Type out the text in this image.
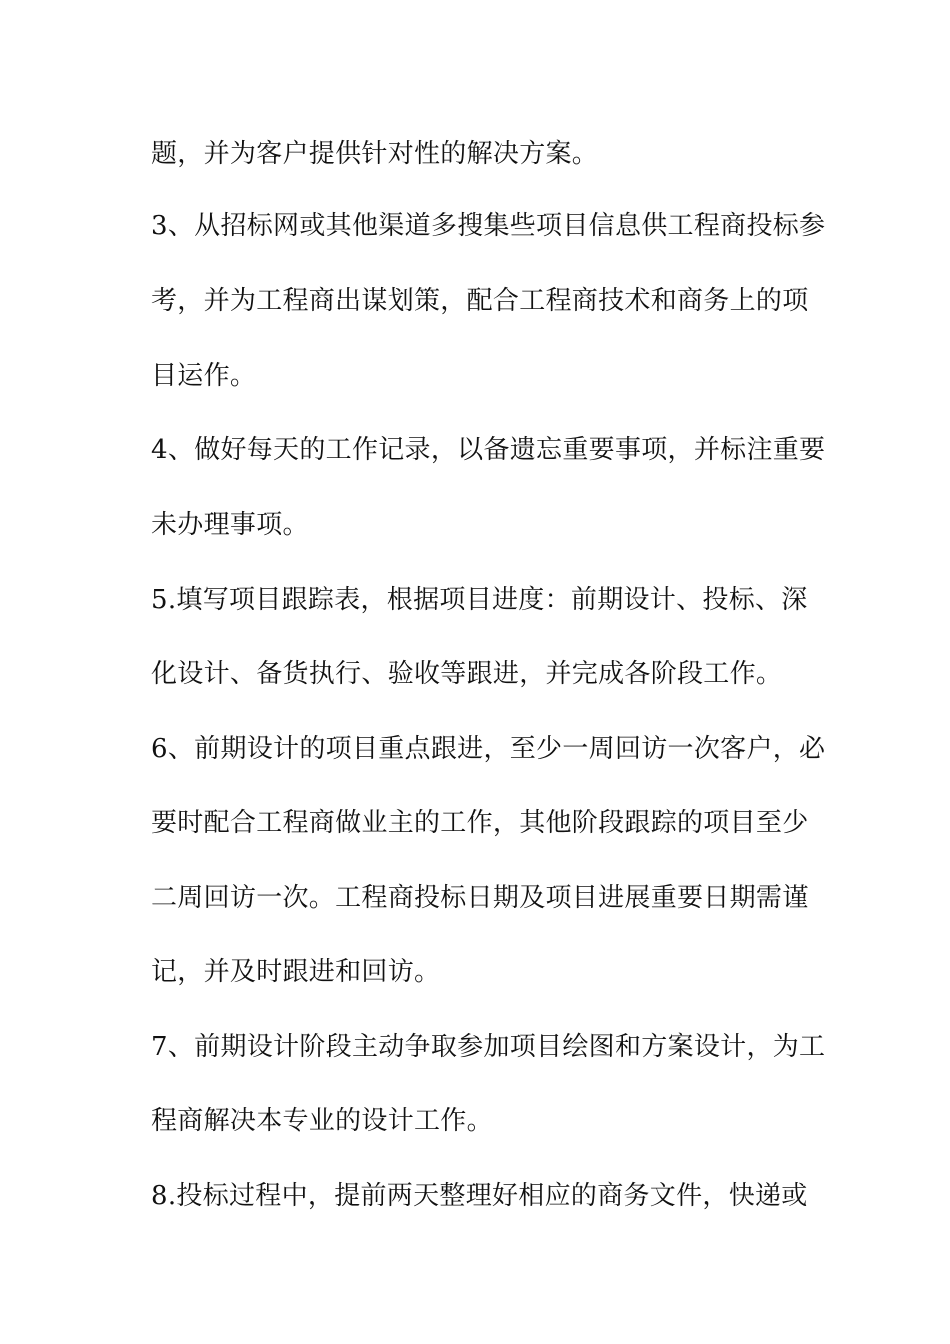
题，并为客户提供针对性的解决方案。
3、从招标网或其他渠道多搜集些项目信息供工程商投标参
考，并为工程商出谋划策，配合工程商技术和商务上的项
目运作。
4、做好每天的工作记录，以备遗忘重要事项，并标注重要
未办理事项。
5.填写项目跟踪表，根据项目进度：前期设计、投标、深
化设计、备货执行、验收等跟进，并完成各阶段工作。
6、前期设计的项目重点跟进，至少一周回访一次客户，必
要时配合工程商做业主的工作，其他阶段跟踪的项目至少
二周回访一次。工程商投标日期及项目进展重要日期需谨
记，并及时跟进和回访。
7、前期设计阶段主动争取参加项目绘图和方案设计，为工
程商解决本专业的设计工作。
8.投标过程中，提前两天整理好相应的商务文件，快递或
